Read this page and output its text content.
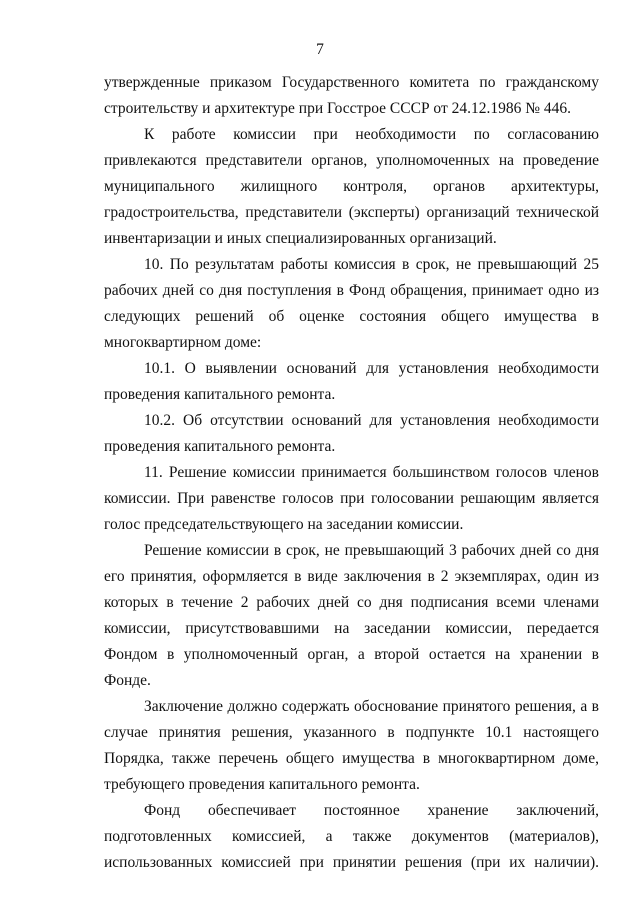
7

утвержденные приказом Государственного комитета по гражданскому строительству и архитектуре при Госстрое СССР от 24.12.1986 № 446.

К работе комиссии при необходимости по согласованию привлекаются представители органов, уполномоченных на проведение муниципального жилищного контроля, органов архитектуры, градостроительства, представители (эксперты) организаций технической инвентаризации и иных специализированных организаций.

10. По результатам работы комиссия в срок, не превышающий 25 рабочих дней со дня поступления в Фонд обращения, принимает одно из следующих решений об оценке состояния общего имущества в многоквартирном доме:

10.1. О выявлении оснований для установления необходимости проведения капитального ремонта.

10.2. Об отсутствии оснований для установления необходимости проведения капитального ремонта.

11. Решение комиссии принимается большинством голосов членов комиссии. При равенстве голосов при голосовании решающим является голос председательствующего на заседании комиссии.

Решение комиссии в срок, не превышающий 3 рабочих дней со дня его принятия, оформляется в виде заключения в 2 экземплярах, один из которых в течение 2 рабочих дней со дня подписания всеми членами комиссии, присутствовавшими на заседании комиссии, передается Фондом в уполномоченный орган, а второй остается на хранении в Фонде.

Заключение должно содержать обоснование принятого решения, а в случае принятия решения, указанного в подпункте 10.1 настоящего Порядка, также перечень общего имущества в многоквартирном доме, требующего проведения капитального ремонта.

Фонд обеспечивает постоянное хранение заключений, подготовленных комиссией, а также документов (материалов), использованных комиссией при принятии решения (при их наличии).
